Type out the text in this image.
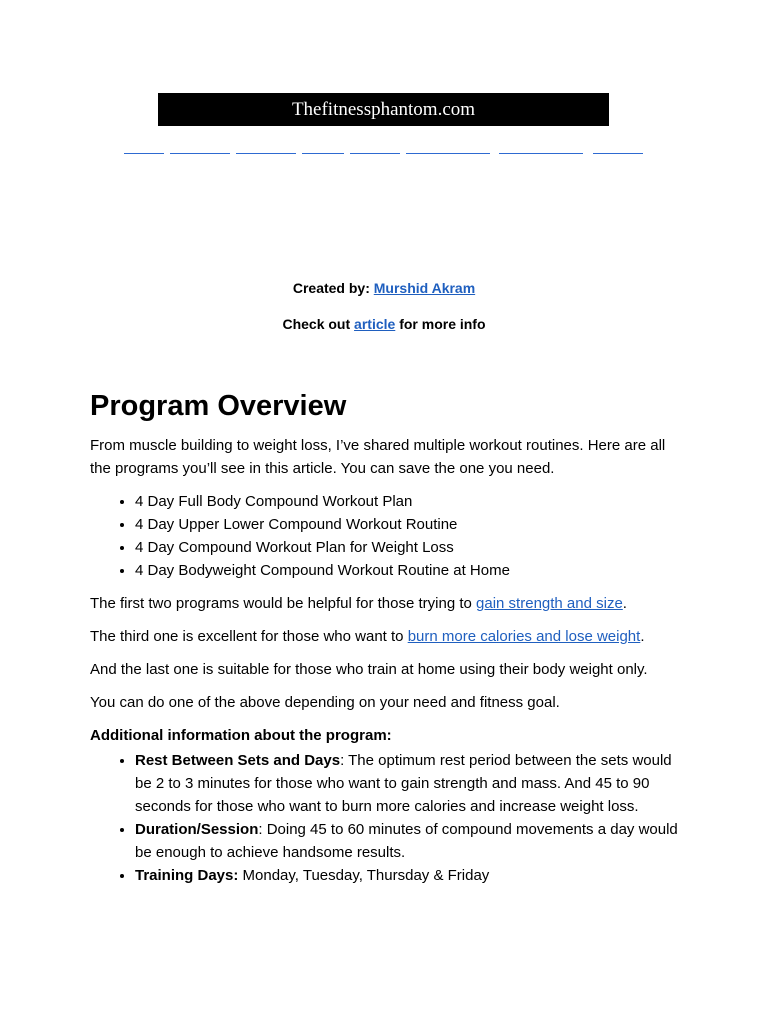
Thefitnessphantom.com
Created by: Murshid Akram
Check out article for more info
Program Overview

From muscle building to weight loss, I’ve shared multiple workout routines. Here are all the programs you’ll see in this article. You can save the one you need.

• 4 Day Full Body Compound Workout Plan
• 4 Day Upper Lower Compound Workout Routine
• 4 Day Compound Workout Plan for Weight Loss
• 4 Day Bodyweight Compound Workout Routine at Home

The first two programs would be helpful for those trying to gain strength and size.

The third one is excellent for those who want to burn more calories and lose weight.

And the last one is suitable for those who train at home using their body weight only.

You can do one of the above depending on your need and fitness goal.

Additional information about the program:
• Rest Between Sets and Days: The optimum rest period between the sets would be 2 to 3 minutes for those who want to gain strength and mass. And 45 to 90 seconds for those who want to burn more calories and increase weight loss.
• Duration/Session: Doing 45 to 60 minutes of compound movements a day would be enough to achieve handsome results.
• Training Days: Monday, Tuesday, Thursday & Friday
